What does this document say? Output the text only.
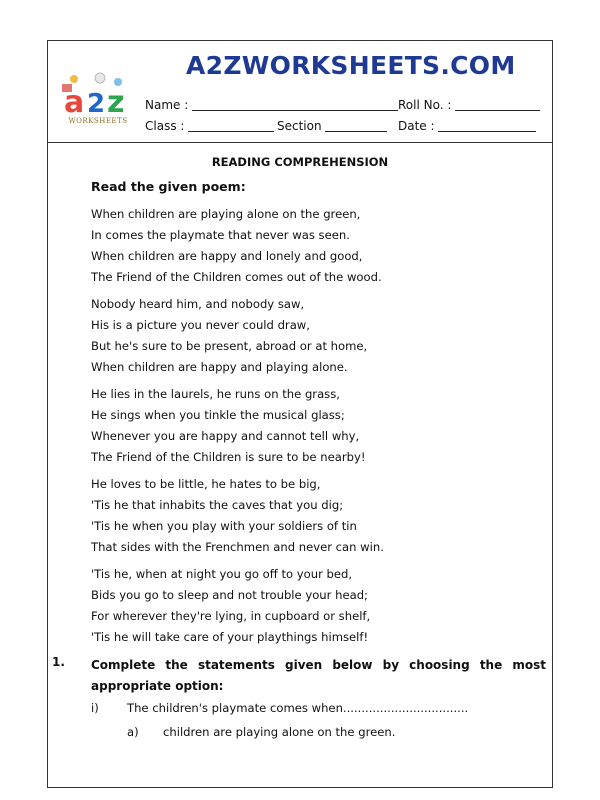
A2ZWORKSHEETS.COM
a 2 z
WORKSHEETS
Name :	Roll No. :
Class :	Section	Date :
READING COMPREHENSION
Read the given poem:
When children are playing alone on the green,
In comes the playmate that never was seen.
When children are happy and lonely and good,
The Friend of the Children comes out of the wood.
Nobody heard him, and nobody saw,
His is a picture you never could draw,
But he's sure to be present, abroad or at home,
When children are happy and playing alone.
He lies in the laurels, he runs on the grass,
He sings when you tinkle the musical glass;
Whenever you are happy and cannot tell why,
The Friend of the Children is sure to be nearby!
He loves to be little, he hates to be big,
'Tis he that inhabits the caves that you dig;
'Tis he when you play with your soldiers of tin
That sides with the Frenchmen and never can win.
'Tis he, when at night you go off to your bed,
Bids you go to sleep and not trouble your head;
For wherever they're lying, in cupboard or shelf,
'Tis he will take care of your playthings himself!
1. Complete the statements given below by choosing the most appropriate option:
i) The children's playmate comes when..................................
a) children are playing alone on the green.
